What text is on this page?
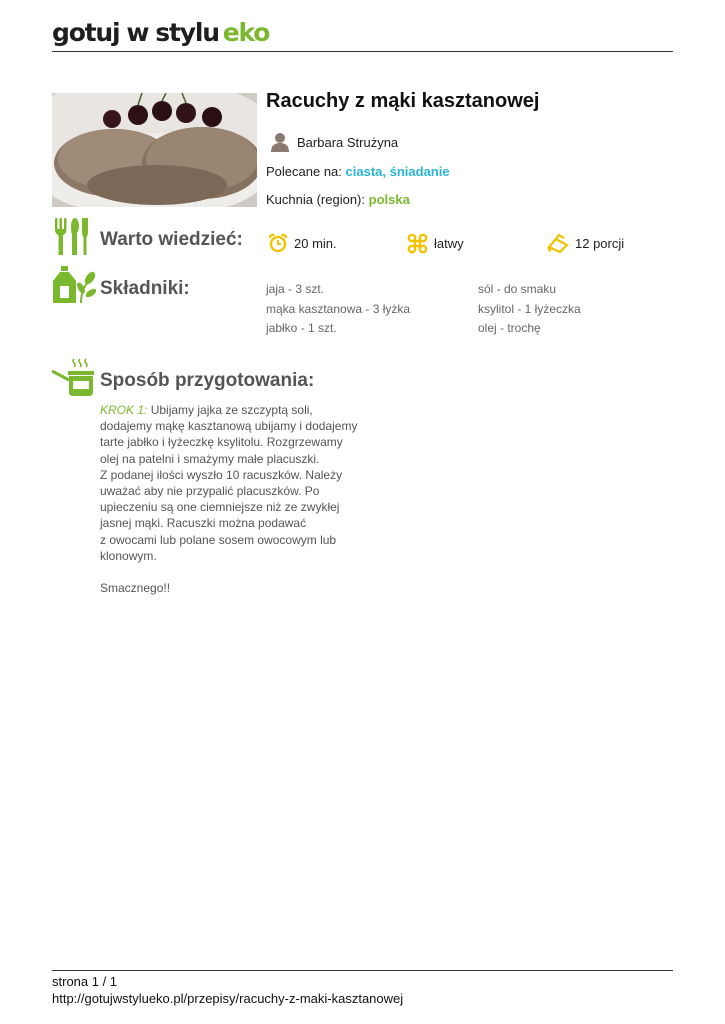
gotuj w stylu eko
Racuchy z mąki kasztanowej
Barbara Strużyna
Polecane na: ciasta, śniadanie
Kuchnia (region): polska
Warto wiedzieć:	20 min.	łatwy	12 porcji
Składniki:	jaja - 3 szt.
mąka kasztanowa - 3 łyżka
jabłko - 1 szt.
sól - do smaku
ksylitol - 1 łyżeczka
olej - trochę
Sposób przygotowania:

KROK 1: Ubijamy jajka ze szczyptą soli,

dodajemy mąkę kasztanową ubijamy i dodajemy

tarte jabłko i łyżeczkę ksylitolu. Rozgrzewamy

olej na patelni i smażymy małe placuszki.

Z podanej ilości wyszło 10 racuszków. Należy

uważać aby nie przypalić placuszków. Po

upieczeniu są one ciemniejsze niż ze zwykłej

jasnej mąki. Racuszki można podawać

z owocami lub polane sosem owocowym lub

klonowym.

Smacznego!!

strona 1 / 1
http://gotujwstylueko.pl/przepisy/racuchy-z-maki-kasztanowej
